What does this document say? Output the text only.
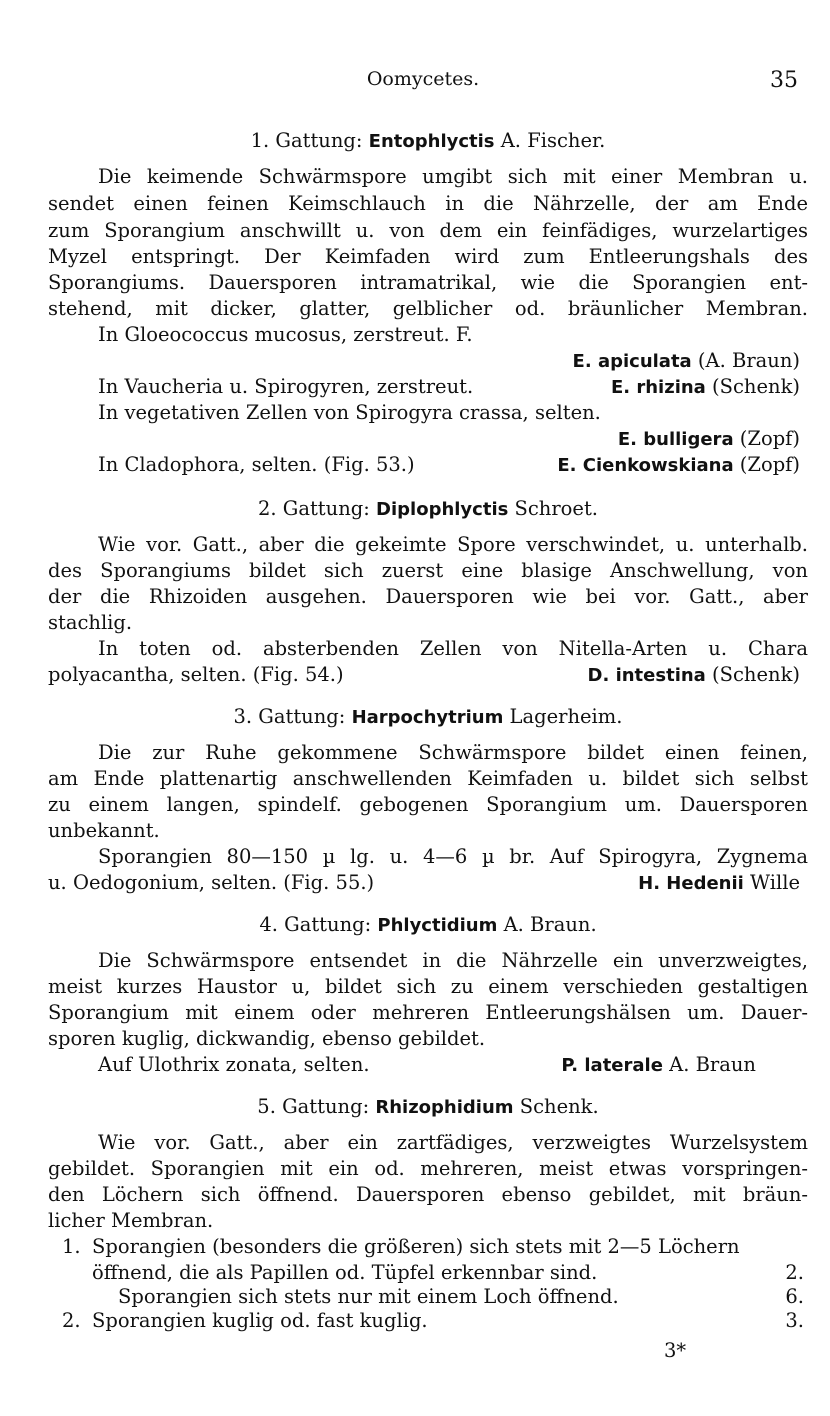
Oomycetes.	35
1. Gattung: Entophlyctis A. Fischer.
Die keimende Schwärmspore umgibt sich mit einer Membran u.
sendet einen feinen Keimschlauch in die Nährzelle, der am Ende
zum Sporangium anschwillt u. von dem ein feinfädiges, wurzelartiges
Myzel entspringt. Der Keimfaden wird zum Entleerungshals des
Sporangiums. Dauersporen intramatrikal, wie die Sporangien ent-
stehend, mit dicker, glatter, gelblicher od. bräunlicher Membran.
In Gloeococcus mucosus, zerstreut. F.
E. apiculata (A. Braun)
In Vaucheria u. Spirogyren, zerstreut.	E. rhizina (Schenk)
In vegetativen Zellen von Spirogyra crassa, selten.
E. bulligera (Zopf)
In Cladophora, selten. (Fig. 53.)	E. Cienkowskiana (Zopf)
2. Gattung: Diplophlyctis Schroet.
Wie vor. Gatt., aber die gekeimte Spore verschwindet, u. unterhalb.
des Sporangiums bildet sich zuerst eine blasige Anschwellung, von
der die Rhizoiden ausgehen. Dauersporen wie bei vor. Gatt., aber
stachlig.
In toten od. absterbenden Zellen von Nitella-Arten u. Chara
polyacantha, selten. (Fig. 54.)	D. intestina (Schenk)
3. Gattung: Harpochytrium Lagerheim.
Die zur Ruhe gekommene Schwärmspore bildet einen feinen,
am Ende plattenartig anschwellenden Keimfaden u. bildet sich selbst
zu einem langen, spindelf. gebogenen Sporangium um. Dauersporen
unbekannt.
Sporangien 80—150 µ lg. u. 4—6 µ br. Auf Spirogyra, Zygnema
u. Oedogonium, selten. (Fig. 55.)	H. Hedenii Wille
4. Gattung: Phlyctidium A. Braun.
Die Schwärmspore entsendet in die Nährzelle ein unverzweigtes,
meist kurzes Haustor u, bildet sich zu einem verschieden gestaltigen
Sporangium mit einem oder mehreren Entleerungshälsen um. Dauer-
sporen kuglig, dickwandig, ebenso gebildet.
Auf Ulothrix zonata, selten.	P. laterale A. Braun
5. Gattung: Rhizophidium Schenk.
Wie vor. Gatt., aber ein zartfädiges, verzweigtes Wurzelsystem
gebildet. Sporangien mit ein od. mehreren, meist etwas vorspringen-
den Löchern sich öffnend. Dauersporen ebenso gebildet, mit bräun-
licher Membran.
1. Sporangien (besonders die größeren) sich stets mit 2—5 Löchern
öffnend, die als Papillen od. Tüpfel erkennbar sind.	2.
Sporangien sich stets nur mit einem Loch öffnend.	6.
2. Sporangien kuglig od. fast kuglig.	3.
3*
